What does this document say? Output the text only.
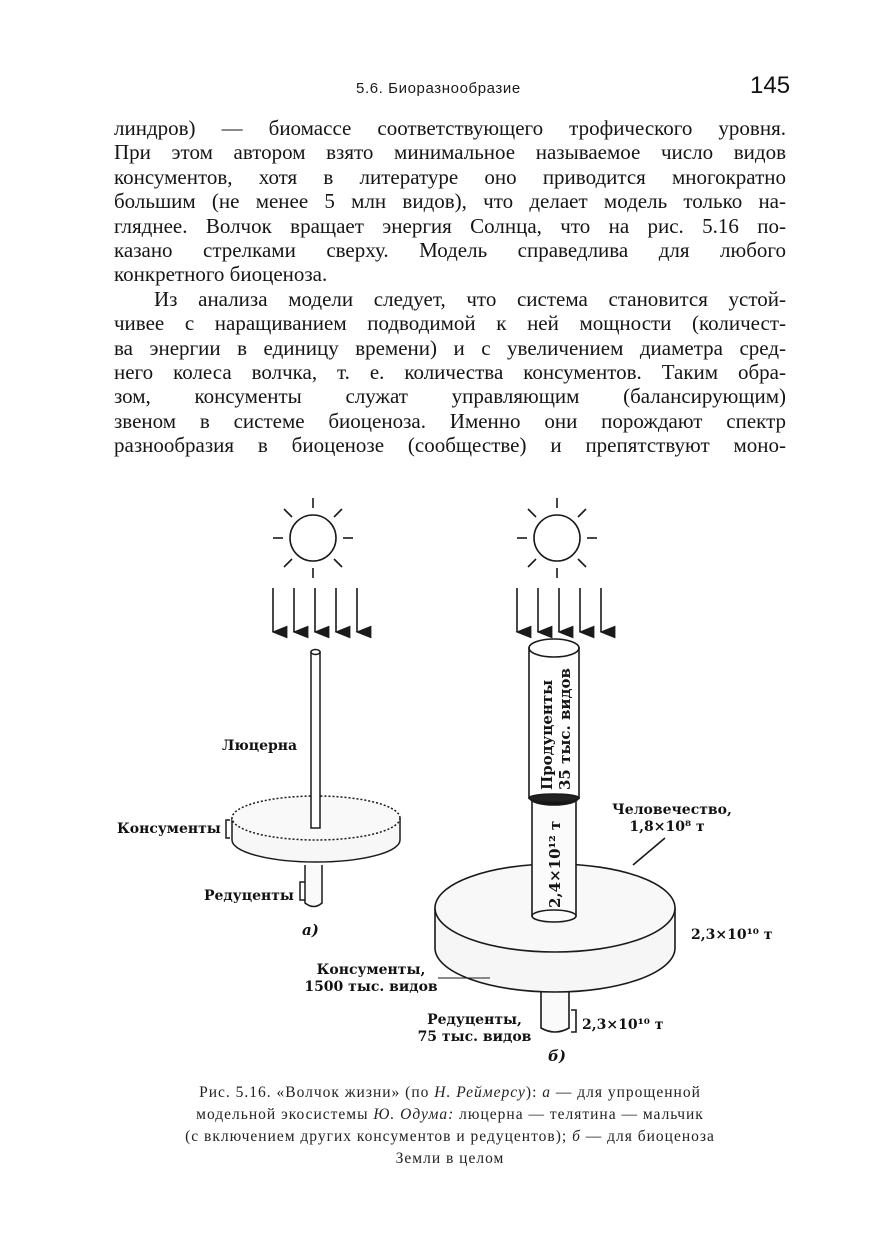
5.6. Биоразнообразие	145
линдров) — биомассе соответствующего трофического уровня.
При этом автором взято минимальное называемое число видов
консументов, хотя в литературе оно приводится многократно
большим (не менее 5 млн видов), что делает модель только на-
гляднее. Волчок вращает энергия Солнца, что на рис. 5.16 по-
казано стрелками сверху. Модель справедлива для любого
конкретного биоценоза.
Из анализа модели следует, что система становится устой-
чивее с наращиванием подводимой к ней мощности (количест-
ва энергии в единицу времени) и с увеличением диаметра сред-
него колеса волчка, т. е. количества консументов. Таким обра-
зом, консументы служат управляющим (балансирующим)
звеном в системе биоценоза. Именно они порождают спектр
разнообразия в биоценозе (сообществе) и препятствуют моно-
Люцерна
Консументы
Редуценты
а)
Продуценты 35 тыс. видов
2,4×10¹² т
Человечество,
1,8×10⁸ т
2,3×10¹⁰ т
Консументы,
1500 тыс. видов
Редуценты,
75 тыс. видов
2,3×10¹⁰ т
б)
Рис. 5.16. «Волчок жизни» (по Н. Реймерсу): а — для упрощенной
модельной экосистемы Ю. Одума: люцерна — телятина — мальчик
(с включением других консументов и редуцентов); б — для биоценоза
Земли в целом
